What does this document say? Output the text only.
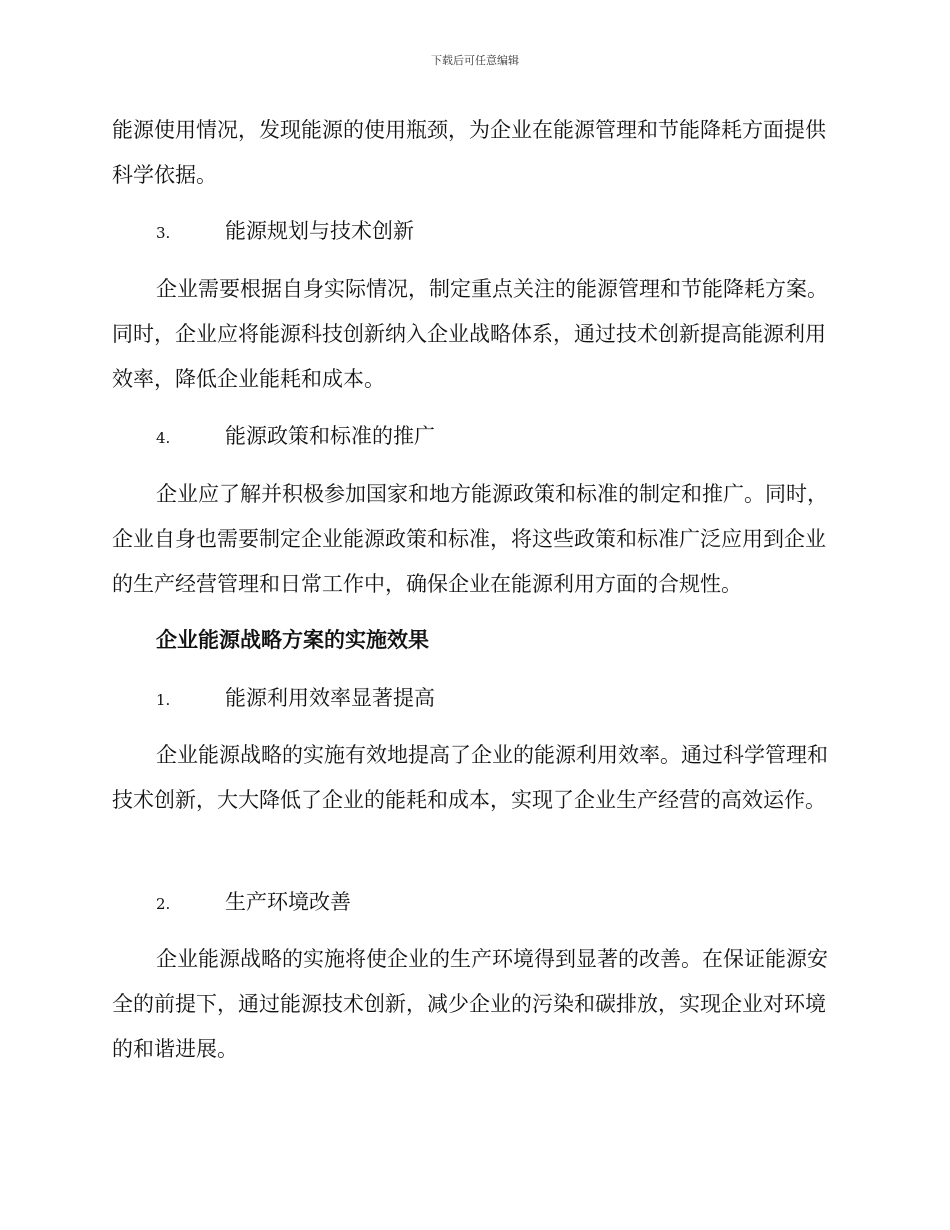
下载后可任意编辑

能源使用情况，发现能源的使用瓶颈，为企业在能源管理和节能降耗方面提供科学依据。

3.	能源规划与技术创新

企业需要根据自身实际情况，制定重点关注的能源管理和节能降耗方案。同时，企业应将能源科技创新纳入企业战略体系，通过技术创新提高能源利用效率，降低企业能耗和成本。

4.	能源政策和标准的推广

企业应了解并积极参加国家和地方能源政策和标准的制定和推广。同时，企业自身也需要制定企业能源政策和标准，将这些政策和标准广泛应用到企业的生产经营管理和日常工作中，确保企业在能源利用方面的合规性。

企业能源战略方案的实施效果
1.	能源利用效率显著提高

企业能源战略的实施有效地提高了企业的能源利用效率。通过科学管理和技术创新，大大降低了企业的能耗和成本，实现了企业生产经营的高效运作。

2.	生产环境改善

企业能源战略的实施将使企业的生产环境得到显著的改善。在保证能源安全的前提下，通过能源技术创新，减少企业的污染和碳排放，实现企业对环境的和谐进展。
